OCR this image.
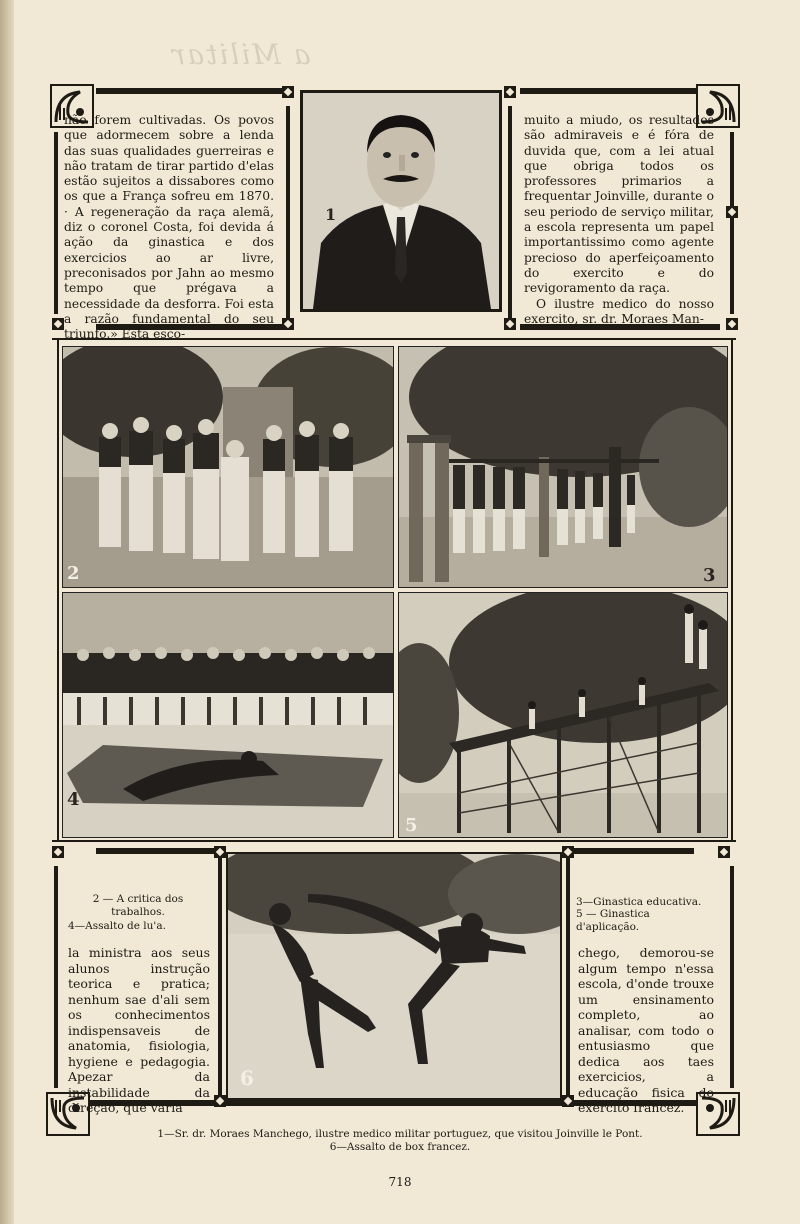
a Militar

não forem cultivadas. Os povos que adormecem sobre a lenda das suas qualidades guerreiras e não tratam de tirar partido d'elas estão sujeitos a dissabores como os que a França sofreu em 1870. · A regeneração da raça alemã, diz o coronel Costa, foi devida á ação da ginastica e dos exercicios ao ar livre, preconisados por Jahn ao mesmo tempo que prégava a necessidade da desforra. Foi esta a razão fundamental do seu triunfo.» Esta esco-

muito a miudo, os resultados são admiraveis e é fóra de duvida que, com a lei atual que obriga todos os professores primarios a frequentar Joinville, durante o seu periodo de serviço militar, a escola representa um papel importantissimo como agente precioso do aperfeiçoamento do exercito e do revigoramento da raça.

O ilustre medico do nosso exercito, sr. dr. Moraes Man-

1
2	3
4
5
2 — A critica dos trabalhos.
4—Assalto de lu'a.

la ministra aos seus alunos instrução teorica e pratica; nenhum sae d'ali sem os conhecimentos indispensaveis de anatomia, fisiologia, hygiene e pedagogia. Apezar da instabilidade da direção, que varia

6
3—Ginastica educativa.
5 — Ginastica d'aplicação.

chego, demorou-se algum tempo n'essa escola, d'onde trouxe um ensinamento completo, ao analisar, com todo o entusiasmo que dedica aos taes exercicios, a educação fisica do exercito francez.

1—Sr. dr. Moraes Manchego, ilustre medico militar portuguez, que visitou Joinville le Pont.
6—Assalto de box francez.
718
